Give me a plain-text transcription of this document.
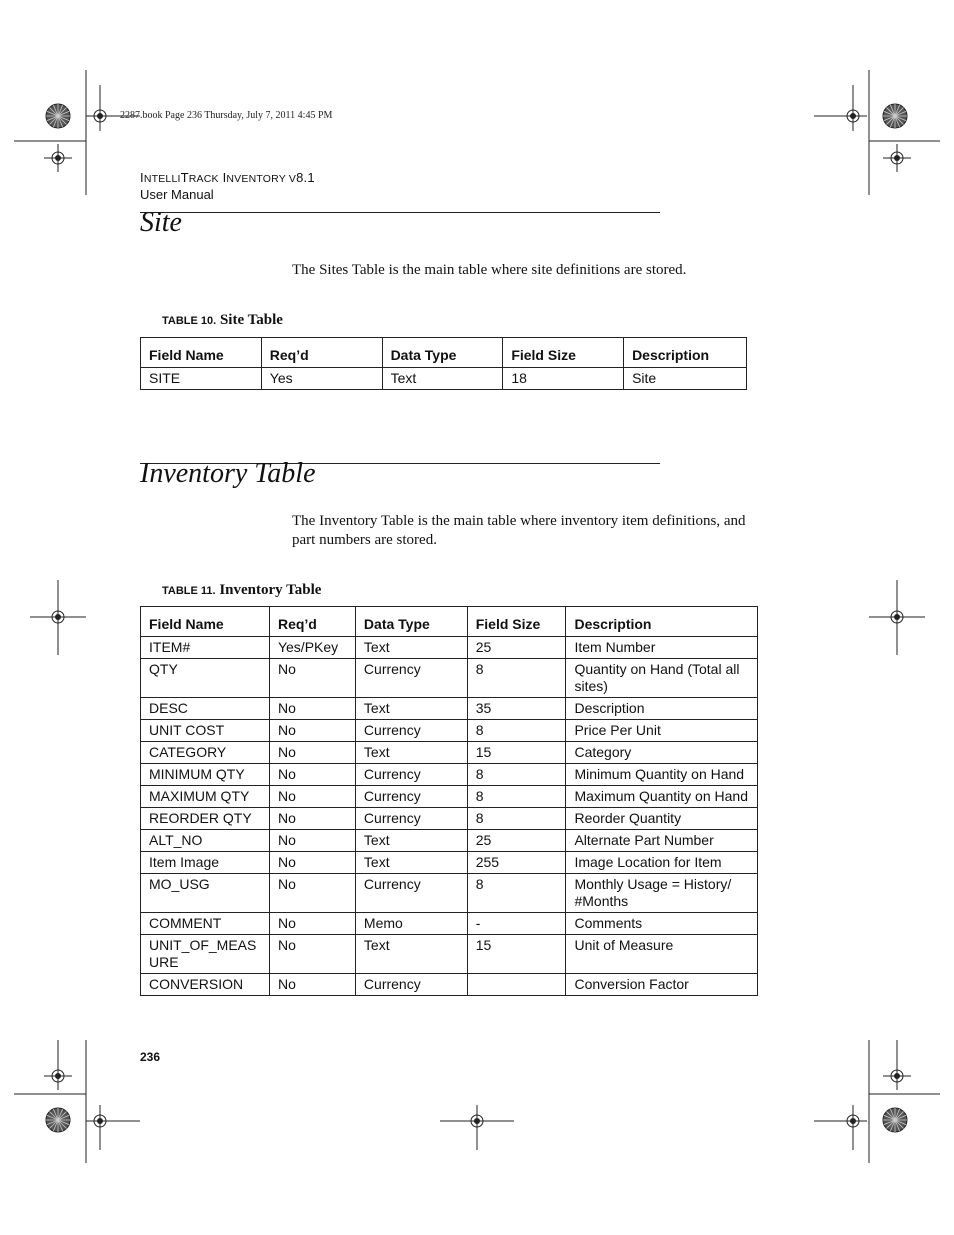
2287.book Page 236 Thursday, July 7, 2011 4:45 PM
INTELLITRACK INVENTORY V8.1
User Manual
Site
The Sites Table is the main table where site definitions are stored.
TABLE 10. Site Table
Field Name	Req’d	Data Type	Field Size	Description
SITE	Yes	Text	18	Site
Inventory Table
The Inventory Table is the main table where inventory item definitions, and part numbers are stored.
TABLE 11. Inventory Table
Field Name	Req’d	Data Type	Field Size	Description
ITEM#	Yes/PKey	Text	25	Item Number
QTY	No	Currency	8	Quantity on Hand (Total all sites)
DESC	No	Text	35	Description
UNIT COST	No	Currency	8	Price Per Unit
CATEGORY	No	Text	15	Category
MINIMUM QTY	No	Currency	8	Minimum Quantity on Hand
MAXIMUM QTY	No	Currency	8	Maximum Quantity on Hand
REORDER QTY	No	Currency	8	Reorder Quantity
ALT_NO	No	Text	25	Alternate Part Number
Item Image	No	Text	255	Image Location for Item
MO_USG	No	Currency	8	Monthly Usage = History/ #Months
COMMENT	No	Memo	-	Comments
UNIT_OF_MEAS URE	No	Text	15	Unit of Measure
CONVERSION	No	Currency		Conversion Factor
236
